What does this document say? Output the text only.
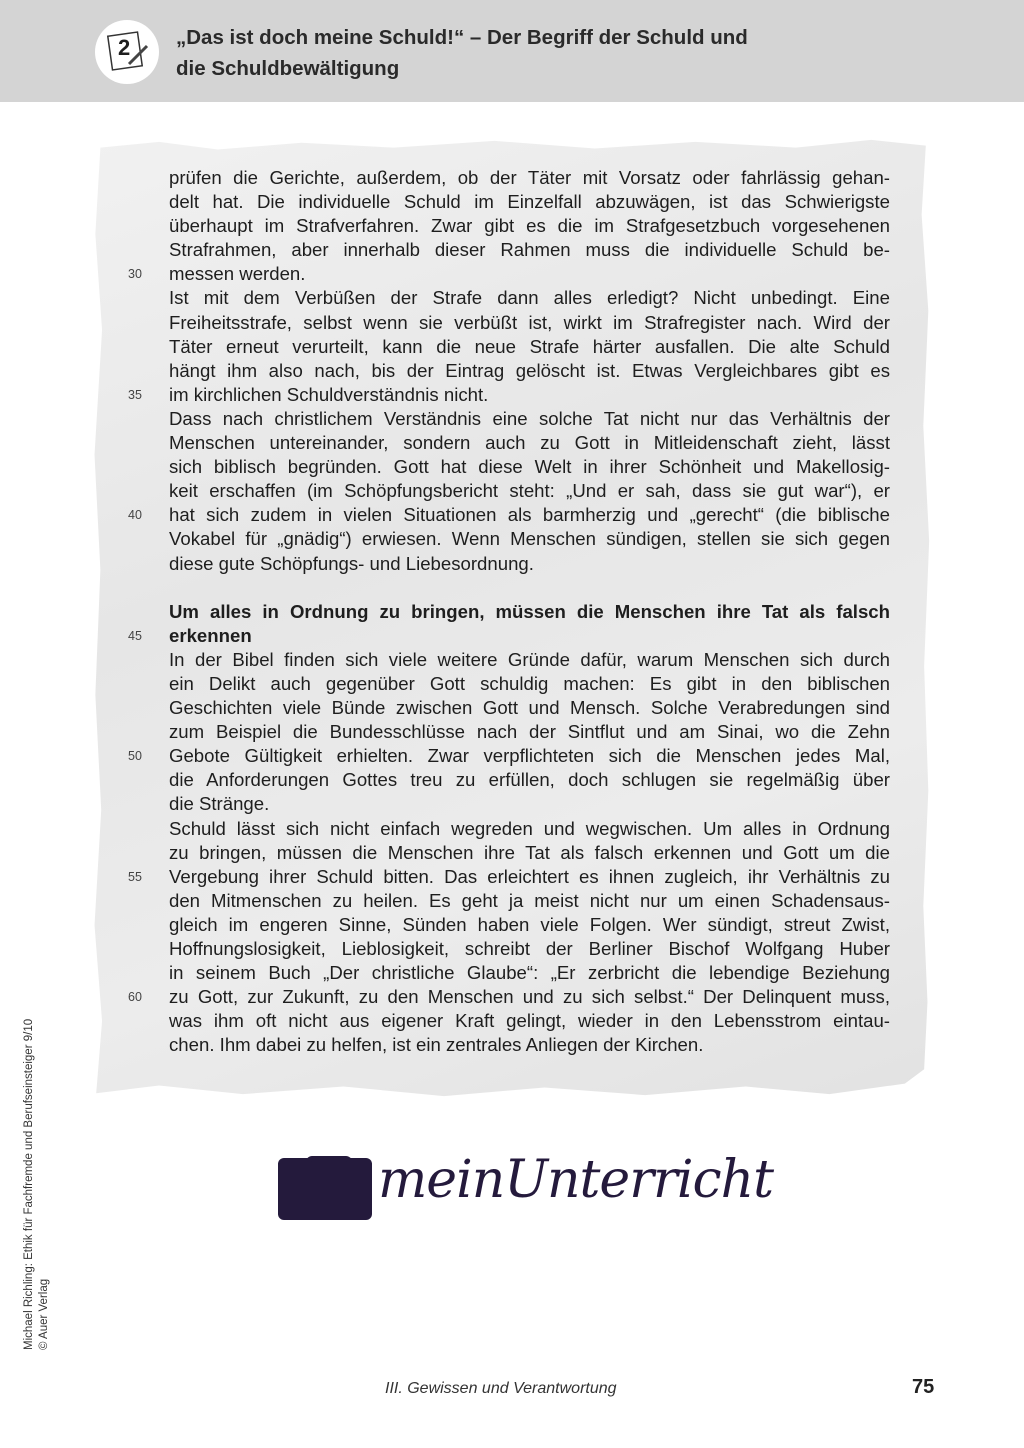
2 „Das ist doch meine Schuld!“ – Der Begriff der Schuld und
die Schuldbewältigung
prüfen die Gerichte, außerdem, ob der Täter mit Vorsatz oder fahrlässig gehan-
delt hat. Die individuelle Schuld im Einzelfall abzuwägen, ist das Schwierigste
überhaupt im Strafverfahren. Zwar gibt es die im Strafgesetzbuch vorgesehenen
Strafrahmen, aber innerhalb dieser Rahmen muss die individuelle Schuld be-
30	messen werden.
Ist mit dem Verbüßen der Strafe dann alles erledigt? Nicht unbedingt. Eine
Freiheitsstrafe, selbst wenn sie verbüßt ist, wirkt im Strafregister nach. Wird der
Täter erneut verurteilt, kann die neue Strafe härter ausfallen. Die alte Schuld
hängt ihm also nach, bis der Eintrag gelöscht ist. Etwas Vergleichbares gibt es
35	im kirchlichen Schuldverständnis nicht.
Dass nach christlichem Verständnis eine solche Tat nicht nur das Verhältnis der
Menschen untereinander, sondern auch zu Gott in Mitleidenschaft zieht, lässt
sich biblisch begründen. Gott hat diese Welt in ihrer Schönheit und Makellosig-
keit erschaffen (im Schöpfungsbericht steht: „Und er sah, dass sie gut war“), er
40	hat sich zudem in vielen Situationen als barmherzig und „gerecht“ (die biblische
Vokabel für „gnädig“) erwiesen. Wenn Menschen sündigen, stellen sie sich gegen
diese gute Schöpfungs- und Liebesordnung.
Um alles in Ordnung zu bringen, müssen die Menschen ihre Tat als falsch
45	erkennen
In der Bibel finden sich viele weitere Gründe dafür, warum Menschen sich durch
ein Delikt auch gegenüber Gott schuldig machen: Es gibt in den biblischen
Geschichten viele Bünde zwischen Gott und Mensch. Solche Verabredungen sind
zum Beispiel die Bundesschlüsse nach der Sintflut und am Sinai, wo die Zehn
50	Gebote Gültigkeit erhielten. Zwar verpflichteten sich die Menschen jedes Mal,
die Anforderungen Gottes treu zu erfüllen, doch schlugen sie regelmäßig über
die Stränge.
Schuld lässt sich nicht einfach wegreden und wegwischen. Um alles in Ordnung
zu bringen, müssen die Menschen ihre Tat als falsch erkennen und Gott um die
55	Vergebung ihrer Schuld bitten. Das erleichtert es ihnen zugleich, ihr Verhältnis zu
den Mitmenschen zu heilen. Es geht ja meist nicht nur um einen Schadensaus-
gleich im engeren Sinne, Sünden haben viele Folgen. Wer sündigt, streut Zwist,
Hoffnungslosigkeit, Lieblosigkeit, schreibt der Berliner Bischof Wolfgang Huber
in seinem Buch „Der christliche Glaube“: „Er zerbricht die lebendige Beziehung
60	zu Gott, zur Zukunft, zu den Menschen und zu sich selbst.“ Der Delinquent muss,
was ihm oft nicht aus eigener Kraft gelingt, wieder in den Lebensstrom eintau-
chen. Ihm dabei zu helfen, ist ein zentrales Anliegen der Kirchen.
meinUnterricht
Michael Richling: Ethik für Fachfremde und Berufseinsteiger 9/10 © Auer Verlag
III. Gewissen und Verantwortung	75
